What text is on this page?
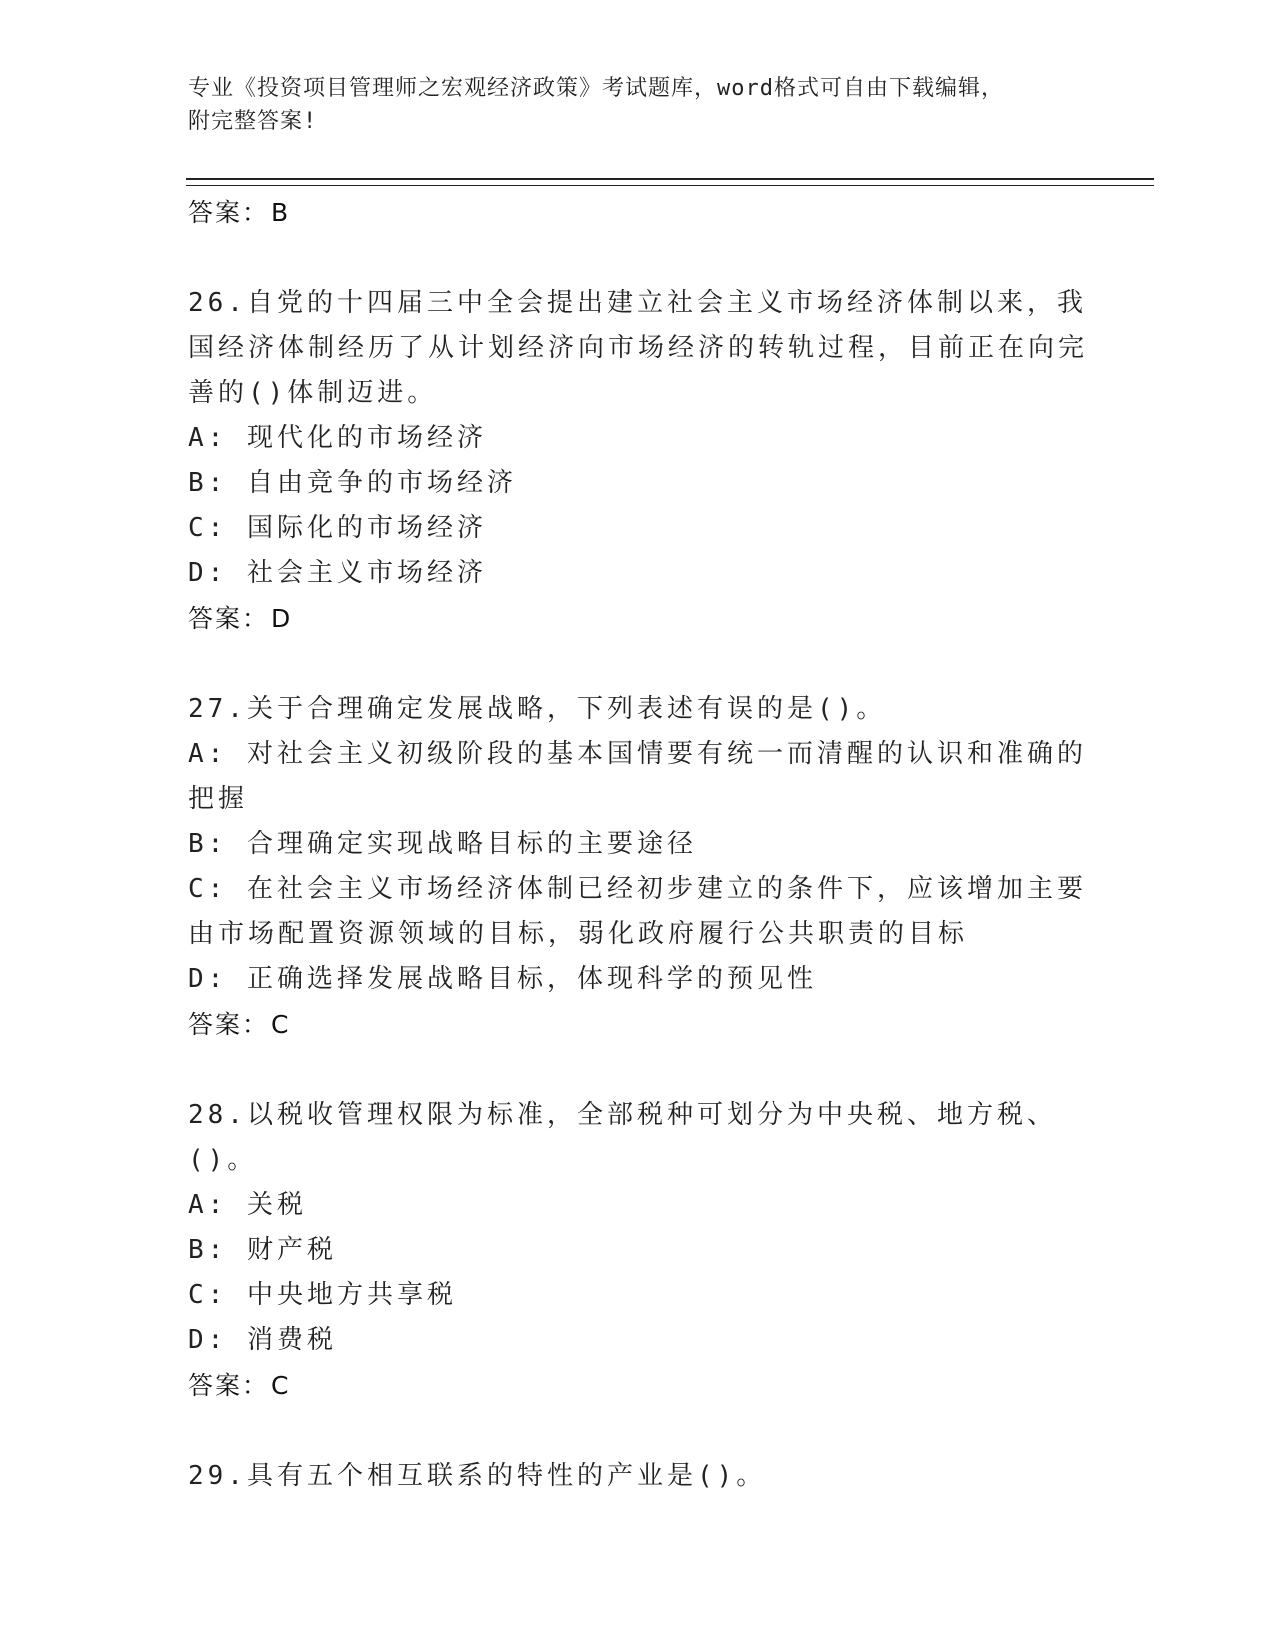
专业《投资项目管理师之宏观经济政策》考试题库，word格式可自由下载编辑，
附完整答案!
答案：B
26.自党的十四届三中全会提出建立社会主义市场经济体制以来，我国经济体制经历了从计划经济向市场经济的转轨过程，目前正在向完善的()体制迈进。
A: 现代化的市场经济
B: 自由竞争的市场经济
C: 国际化的市场经济
D: 社会主义市场经济
答案：D
27.关于合理确定发展战略，下列表述有误的是()。
A: 对社会主义初级阶段的基本国情要有统一而清醒的认识和准确的把握
B: 合理确定实现战略目标的主要途径
C: 在社会主义市场经济体制已经初步建立的条件下，应该增加主要由市场配置资源领域的目标，弱化政府履行公共职责的目标
D: 正确选择发展战略目标，体现科学的预见性
答案：C
28.以税收管理权限为标准，全部税种可划分为中央税、地方税、()。
A: 关税
B: 财产税
C: 中央地方共享税
D: 消费税
答案：C
29.具有五个相互联系的特性的产业是()。
